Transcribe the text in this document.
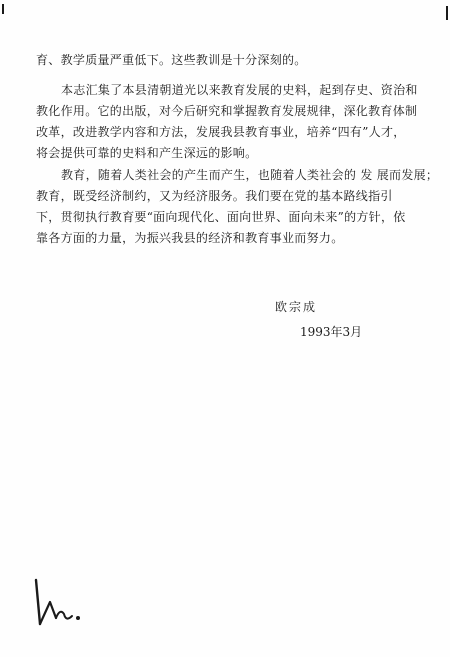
育、教学质量严重低下。这些教训是十分深刻的。
本志汇集了本县清朝道光以来教育发展的史料，起到存史、资治和
教化作用。它的出版，对今后研究和掌握教育发展规律，深化教育体制
改革，改进教学内容和方法，发展我县教育事业，培养“四有”人才，
将会提供可靠的史料和产生深远的影响。
教育，随着人类社会的产生而产生，也随着人类社会的 发 展而发展；
教育，既受经济制约，又为经济服务。我们要在党的基本路线指引
下，贯彻执行教育要“面向现代化、面向世界、面向未来”的方针，依
靠各方面的力量，为振兴我县的经济和教育事业而努力。
欧宗成
1993年3月
